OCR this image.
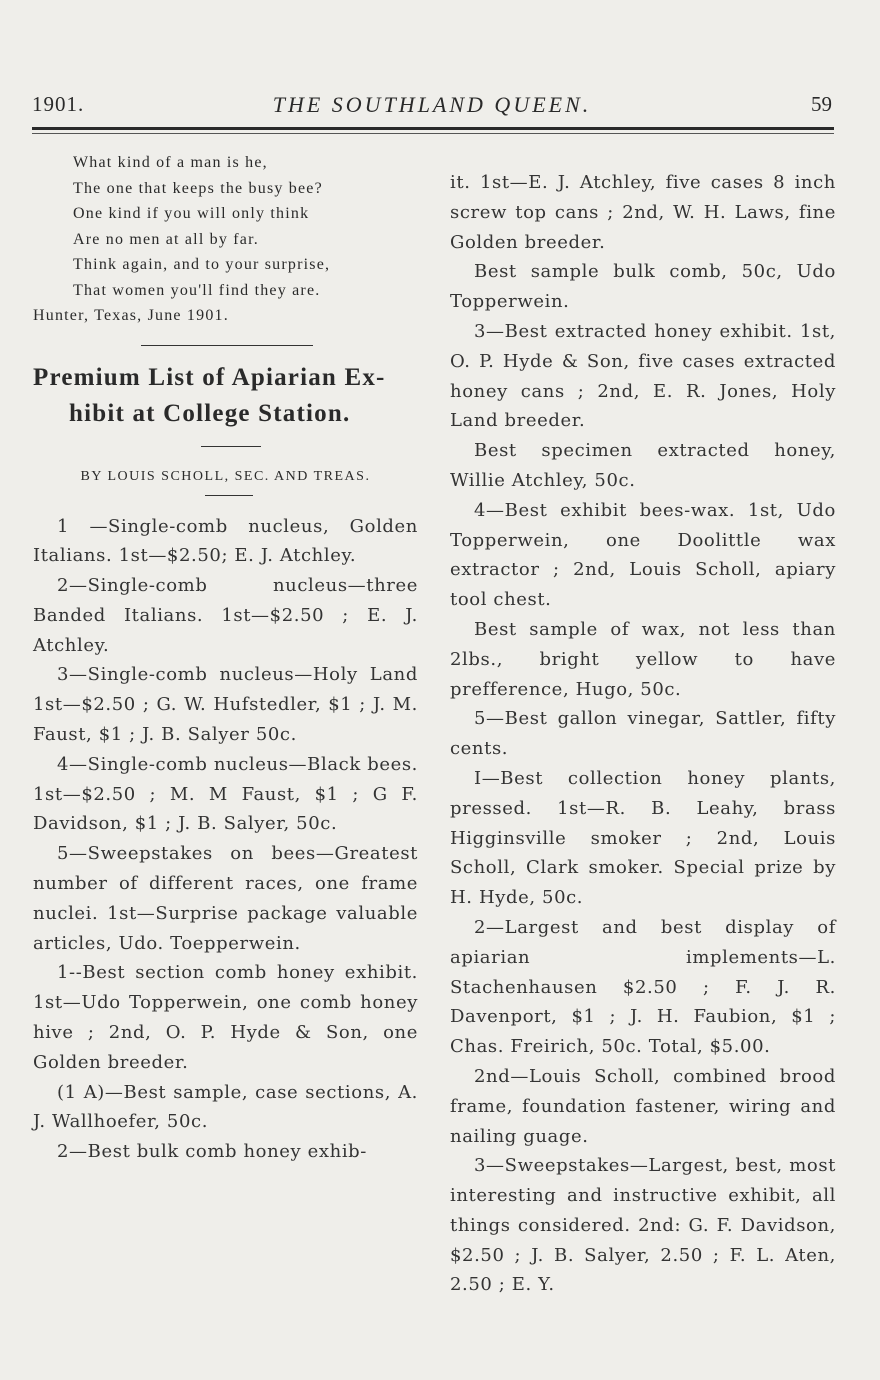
1901.	THE SOUTHLAND QUEEN.	59
What kind of a man is he,
The one that keeps the busy bee?
One kind if you will only think
Are no men at all by far.
Think again, and to your surprise,
That women you'll find they are.
Hunter, Texas, June 1901.
Premium List of Apiarian Ex-
hibit at College Station.
BY LOUIS SCHOLL, SEC. AND TREAS.

1 —Single-comb nucleus, Golden Italians. 1st—$2.50; E. J. Atchley.

2—Single-comb nucleus—three Banded Italians. 1st—$2.50 ; E. J. Atchley.

3—Single-comb nucleus—Holy Land 1st—$2.50 ; G. W. Hufstedler, $1 ; J. M. Faust, $1 ; J. B. Salyer 50c.

4—Single-comb nucleus—Black bees. 1st—$2.50 ; M. M Faust, $1 ; G F. Davidson, $1 ; J. B. Salyer, 50c.

5—Sweepstakes on bees—Greatest number of different races, one frame nuclei. 1st—Surprise package valuable articles, Udo. Toepperwein.

1--Best section comb honey exhibit. 1st—Udo Topperwein, one comb honey hive ; 2nd, O. P. Hyde & Son, one Golden breeder.

(1 A)—Best sample, case sections, A. J. Wallhoefer, 50c.

2—Best bulk comb honey exhib-

it. 1st—E. J. Atchley, five cases 8 inch screw top cans ; 2nd, W. H. Laws, fine Golden breeder.

Best sample bulk comb, 50c, Udo Topperwein.

3—Best extracted honey exhibit. 1st, O. P. Hyde & Son, five cases extracted honey cans ; 2nd, E. R. Jones, Holy Land breeder.

Best specimen extracted honey, Willie Atchley, 50c.

4—Best exhibit bees-wax. 1st, Udo Topperwein, one Doolittle wax extractor ; 2nd, Louis Scholl, apiary tool chest.

Best sample of wax, not less than 2lbs., bright yellow to have prefference, Hugo, 50c.

5—Best gallon vinegar, Sattler, fifty cents.

I—Best collection honey plants, pressed. 1st—R. B. Leahy, brass Higginsville smoker ; 2nd, Louis Scholl, Clark smoker. Special prize by H. Hyde, 50c.

2—Largest and best display of apiarian implements—L. Stachenhausen $2.50 ; F. J. R. Davenport, $1 ; J. H. Faubion, $1 ; Chas. Freirich, 50c. Total, $5.00.

2nd—Louis Scholl, combined brood frame, foundation fastener, wiring and nailing guage.

3—Sweepstakes—Largest, best, most interesting and instructive exhibit, all things considered. 2nd: G. F. Davidson, $2.50 ; J. B. Salyer, 2.50 ; F. L. Aten, 2.50 ; E. Y.
